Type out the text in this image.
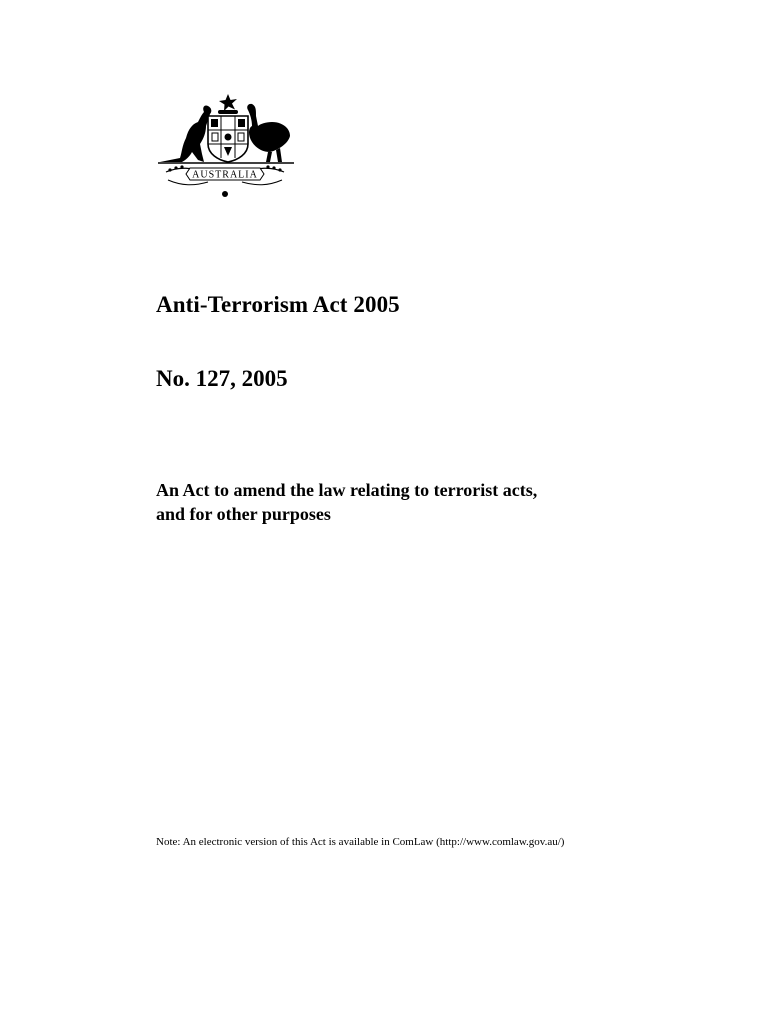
AUSTRALIA
Anti-Terrorism Act 2005
No. 127, 2005

An Act to amend the law relating to terrorist acts,
and for other purposes

Note: An electronic version of this Act is available in ComLaw (http://www.comlaw.gov.au/)
